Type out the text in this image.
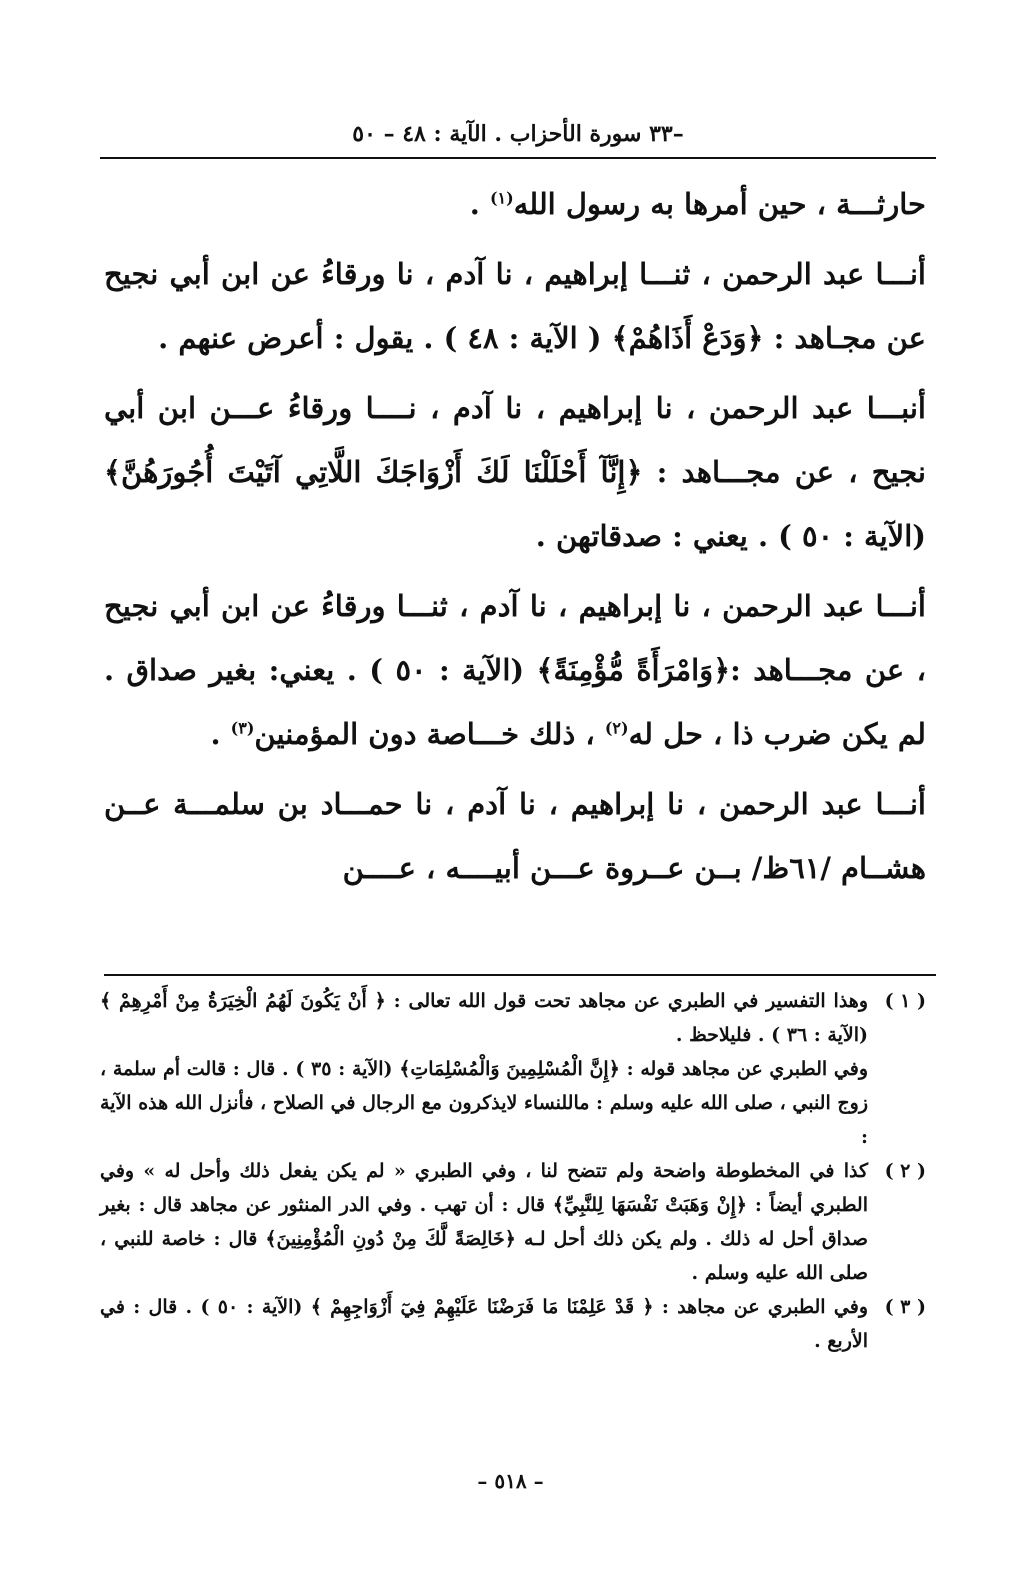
–٣٣ سورة الأحزاب . الآية : ٤٨ – ٥٠

حارثـــة ، حين أمرها به رسول الله$^{(١)}$ .

أنـــا عبد الرحمن ، ثنـــا إبراهيم ، نا آدم ، نا ورقاءُ عن ابن أبي نجيح عن مجـاهد : ﴿وَدَعْ أَذَاهُمْ﴾ ( الآية : ٤٨ ) . يقول : أعرض عنهم .

أنبـــا عبد الرحمن ، نا إبراهيم ، نا آدم ، نــــا ورقاءُ عـــن ابن أبي نجيح ، عن مجـــاهد : ﴿إِنَّآ أَحْلَلْنَا لَكَ أَزْوَاجَكَ اللَّاتِي آتَيْتَ أُجُورَهُنَّ﴾ (الآية : ٥٠ ) . يعني : صدقاتهن .

أنـــا عبد الرحمن ، نا إبراهيم ، نا آدم ، ثنـــا ورقاءُ عن ابن أبي نجيح ، عن مجـــاهد :﴿وَامْرَأَةً مُّؤْمِنَةً﴾ (الآية : ٥٠ ) . يعني: بغير صداق . لم يكن ضرب ذا ، حل له$^{(٢)}$ ، ذلك خـــاصة دون المؤمنين$^{(٣)}$ .

أنـــا عبد الرحمن ، نا إبراهيم ، نا آدم ، نا حمـــاد بن سلمـــة عــن هشــام /٦١ظ/ بــن عــروة عـــن أبيــــه ، عــــن

( ١ )

وهذا التفسير في الطبري عن مجاهد تحت قول الله تعالى : ﴿ أَنْ يَكُونَ لَهُمُ الْخِيَرَةُ مِنْ أَمْرِهِمْ ﴾ (الآية : ٣٦ ) . فليلاحظ .

وفي الطبري عن مجاهد قوله : ﴿إِنَّ الْمُسْلِمِينَ وَالْمُسْلِمَاتِ﴾ (الآية : ٣٥ ) . قال : قالت أم سلمة ، زوج النبي ، صلى الله عليه وسلم : ماللنساء لايذكرون مع الرجال في الصلاح ، فأنزل الله هذه الآية :

( ٢ )

كذا في المخطوطة واضحة ولم تتضح لنا ، وفي الطبري « لم يكن يفعل ذلك وأحل له » وفي الطبري أيضاً : ﴿إِنْ وَهَبَتْ نَفْسَهَا لِلنَّبِيِّ﴾ قال : أن تهب . وفي الدر المنثور عن مجاهد قال : بغير صداق أحل له ذلك . ولم يكن ذلك أحل لـه ﴿خَالِصَةً لَّكَ مِنْ دُونِ الْمُؤْمِنِينَ﴾ قال : خاصة للنبي ، صلى الله عليه وسلم .

( ٣ )

وفي الطبري عن مجاهد : ﴿ قَدْ عَلِمْنَا مَا فَرَضْنَا عَلَيْهِمْ فِيٓ أَزْوَاجِهِمْ ﴾ (الآية : ٥٠ ) . قال : في الأربع .

– ٥١٨ –
